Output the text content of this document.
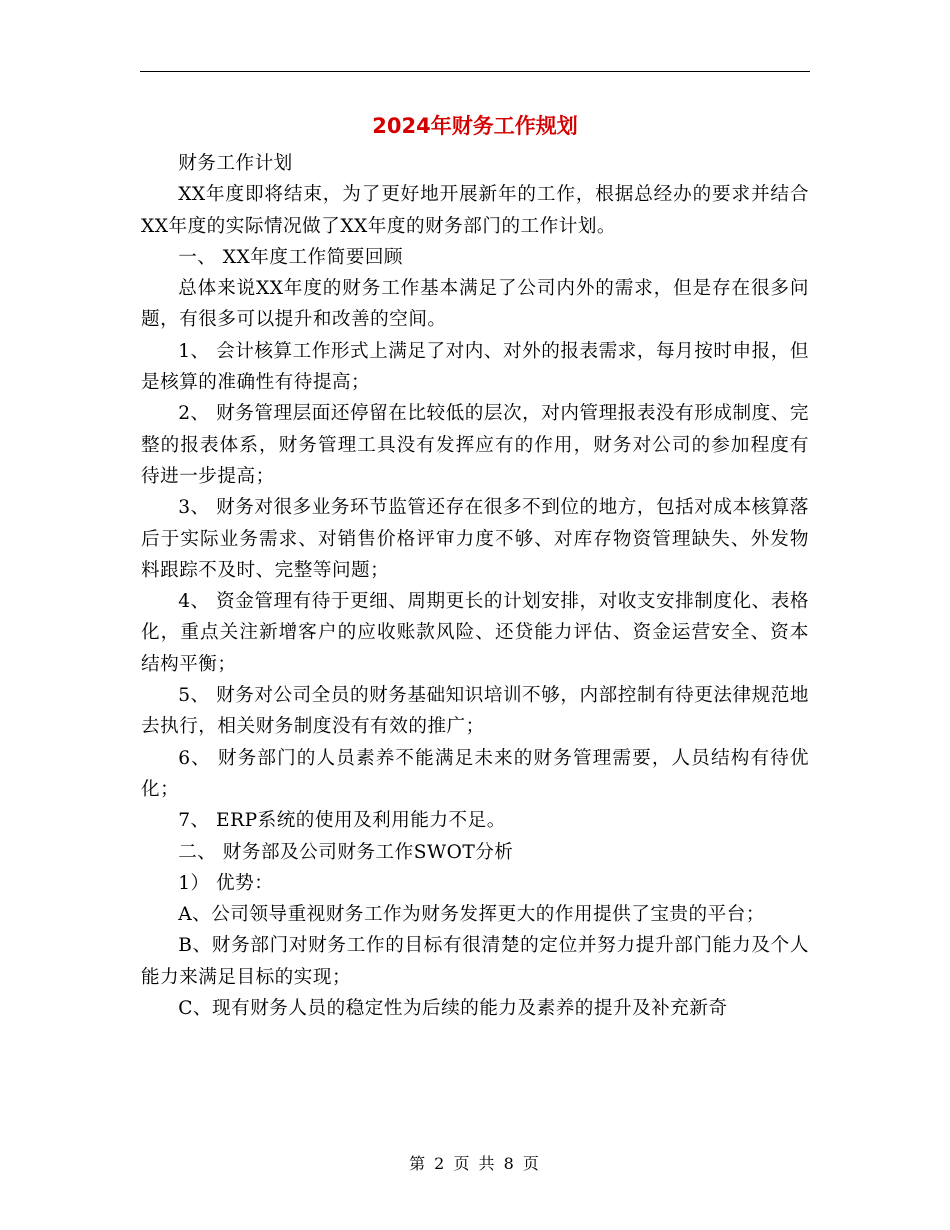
2024年财务工作规划

财务工作计划

XX年度即将结束，为了更好地开展新年的工作，根据总经办的要求并结合XX年度的实际情况做了XX年度的财务部门的工作计划。

一、 XX年度工作简要回顾

总体来说XX年度的财务工作基本满足了公司内外的需求，但是存在很多问题，有很多可以提升和改善的空间。

1、 会计核算工作形式上满足了对内、对外的报表需求，每月按时申报，但是核算的准确性有待提高；

2、 财务管理层面还停留在比较低的层次，对内管理报表没有形成制度、完整的报表体系，财务管理工具没有发挥应有的作用，财务对公司的参加程度有待进一步提高；

3、 财务对很多业务环节监管还存在很多不到位的地方，包括对成本核算落后于实际业务需求、对销售价格评审力度不够、对库存物资管理缺失、外发物料跟踪不及时、完整等问题；

4、 资金管理有待于更细、周期更长的计划安排，对收支安排制度化、表格化，重点关注新增客户的应收账款风险、还贷能力评估、资金运营安全、资本结构平衡；

5、 财务对公司全员的财务基础知识培训不够，内部控制有待更法律规范地去执行，相关财务制度没有有效的推广；

6、 财务部门的人员素养不能满足未来的财务管理需要，人员结构有待优化；

7、 ERP系统的使用及利用能力不足。

二、 财务部及公司财务工作SWOT分析

1） 优势：

A、公司领导重视财务工作为财务发挥更大的作用提供了宝贵的平台；

B、财务部门对财务工作的目标有很清楚的定位并努力提升部门能力及个人能力来满足目标的实现；

C、现有财务人员的稳定性为后续的能力及素养的提升及补充新奇

第 2 页 共 8 页
